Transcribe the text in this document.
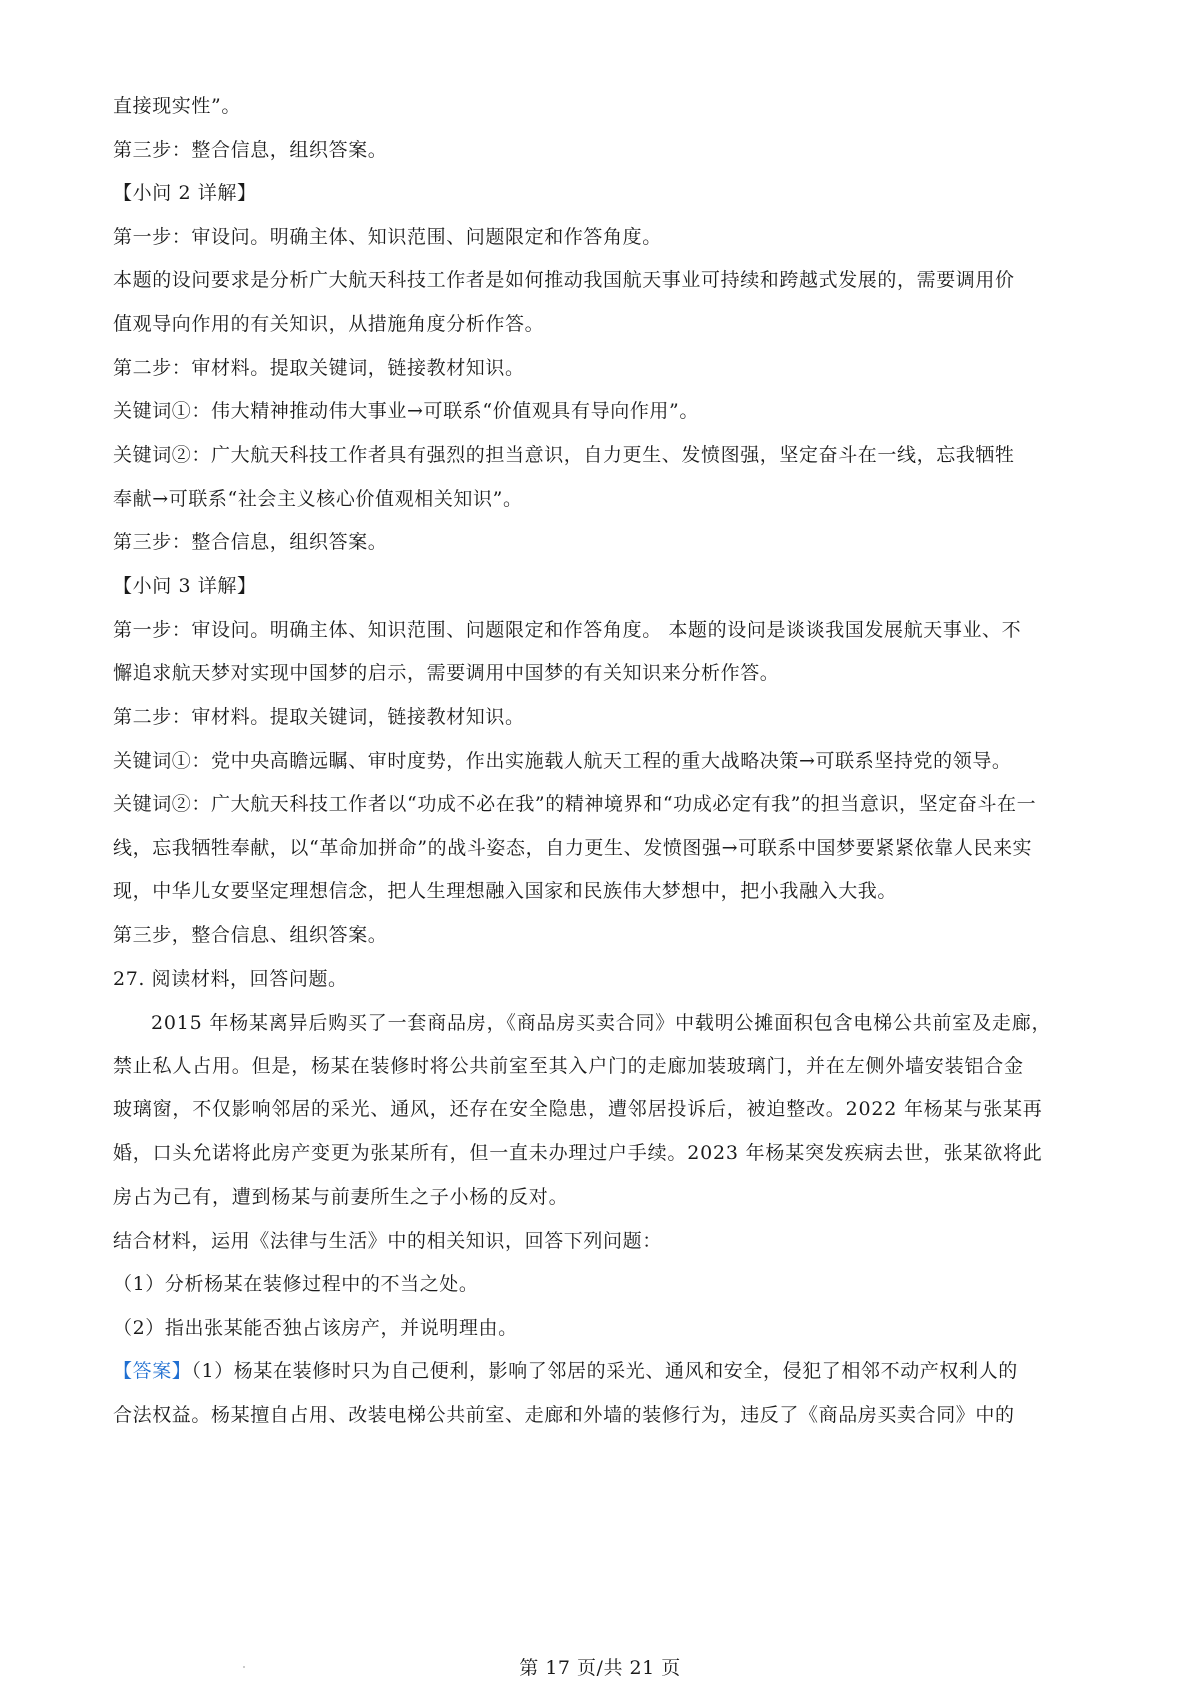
直接现实性”。
第三步：整合信息，组织答案。
【小问 2 详解】
第一步：审设问。明确主体、知识范围、问题限定和作答角度。
本题的设问要求是分析广大航天科技工作者是如何推动我国航天事业可持续和跨越式发展的，需要调用价
值观导向作用的有关知识，从措施角度分析作答。
第二步：审材料。提取关键词，链接教材知识。
关键词①：伟大精神推动伟大事业→可联系“价值观具有导向作用”。
关键词②：广大航天科技工作者具有强烈的担当意识，自力更生、发愤图强，坚定奋斗在一线，忘我牺牲
奉献→可联系“社会主义核心价值观相关知识”。
第三步：整合信息，组织答案。
【小问 3 详解】
第一步：审设问。明确主体、知识范围、问题限定和作答角度。 本题的设问是谈谈我国发展航天事业、不
懈追求航天梦对实现中国梦的启示，需要调用中国梦的有关知识来分析作答。
第二步：审材料。提取关键词，链接教材知识。
关键词①：党中央高瞻远瞩、审时度势，作出实施载人航天工程的重大战略决策→可联系坚持党的领导。
关键词②：广大航天科技工作者以“功成不必在我”的精神境界和“功成必定有我”的担当意识，坚定奋斗在一
线，忘我牺牲奉献，以“革命加拼命”的战斗姿态，自力更生、发愤图强→可联系中国梦要紧紧依靠人民来实
现，中华儿女要坚定理想信念，把人生理想融入国家和民族伟大梦想中，把小我融入大我。
第三步，整合信息、组织答案。
27. 阅读材料，回答问题。
2015 年杨某离异后购买了一套商品房，《商品房买卖合同》中载明公摊面积包含电梯公共前室及走廊，
禁止私人占用。但是，杨某在装修时将公共前室至其入户门的走廊加装玻璃门，并在左侧外墙安装铝合金
玻璃窗，不仅影响邻居的采光、通风，还存在安全隐患，遭邻居投诉后，被迫整改。2022 年杨某与张某再
婚，口头允诺将此房产变更为张某所有，但一直未办理过户手续。2023 年杨某突发疾病去世，张某欲将此
房占为己有，遭到杨某与前妻所生之子小杨的反对。
结合材料，运用《法律与生活》中的相关知识，回答下列问题：
（1）分析杨某在装修过程中的不当之处。
（2）指出张某能否独占该房产，并说明理由。
【答案】（1）杨某在装修时只为自己便利，影响了邻居的采光、通风和安全，侵犯了相邻不动产权利人的
合法权益。杨某擅自占用、改装电梯公共前室、走廊和外墙的装修行为，违反了《商品房买卖合同》中的
第 17 页/共 21 页
